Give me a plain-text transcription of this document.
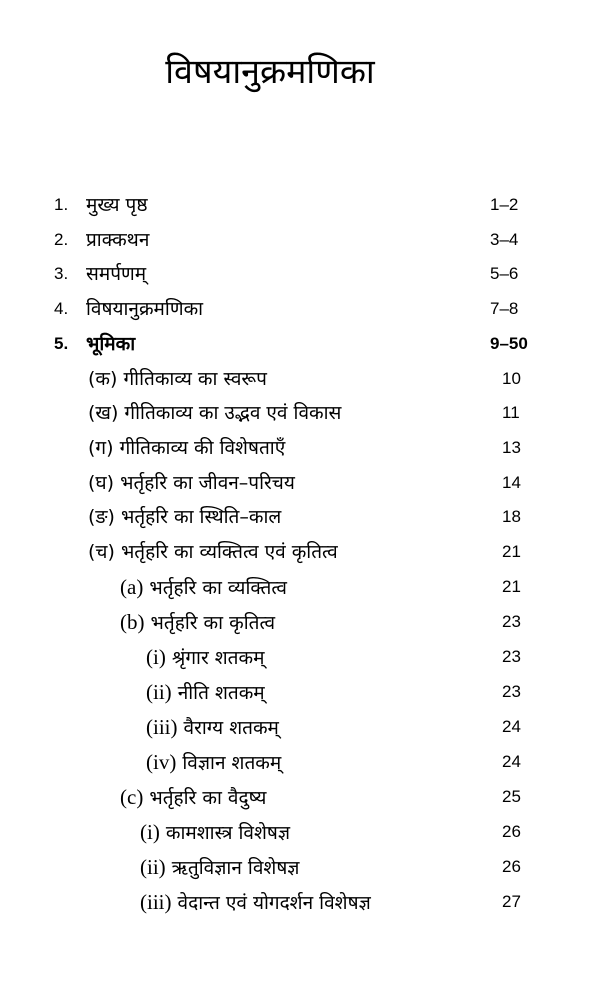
विषयानुक्रमणिका
1. मुख्य पृष्ठ	1–2
2. प्राक्कथन	3–4
3. समर्पणम्	5–6
4. विषयानुक्रमणिका	7–8
5. भूमिका	9–50
(क) गीतिकाव्य का स्वरूप	10
(ख) गीतिकाव्य का उद्भव एवं विकास	11
(ग) गीतिकाव्य की विशेषताएँ	13
(घ) भर्तृहरि का जीवन–परिचय	14
(ङ) भर्तृहरि का स्थिति–काल	18
(च) भर्तृहरि का व्यक्तित्व एवं कृतित्व	21
(a) भर्तृहरि का व्यक्तित्व	21
(b) भर्तृहरि का कृतित्व	23
(i) श्रृंगार शतकम्	23
(ii) नीति शतकम्	23
(iii) वैराग्य शतकम्	24
(iv) विज्ञान शतकम्	24
(c) भर्तृहरि का वैदुष्य	25
(i) कामशास्त्र विशेषज्ञ	26
(ii) ऋतुविज्ञान विशेषज्ञ	26
(iii) वेदान्त एवं योगदर्शन विशेषज्ञ	27
